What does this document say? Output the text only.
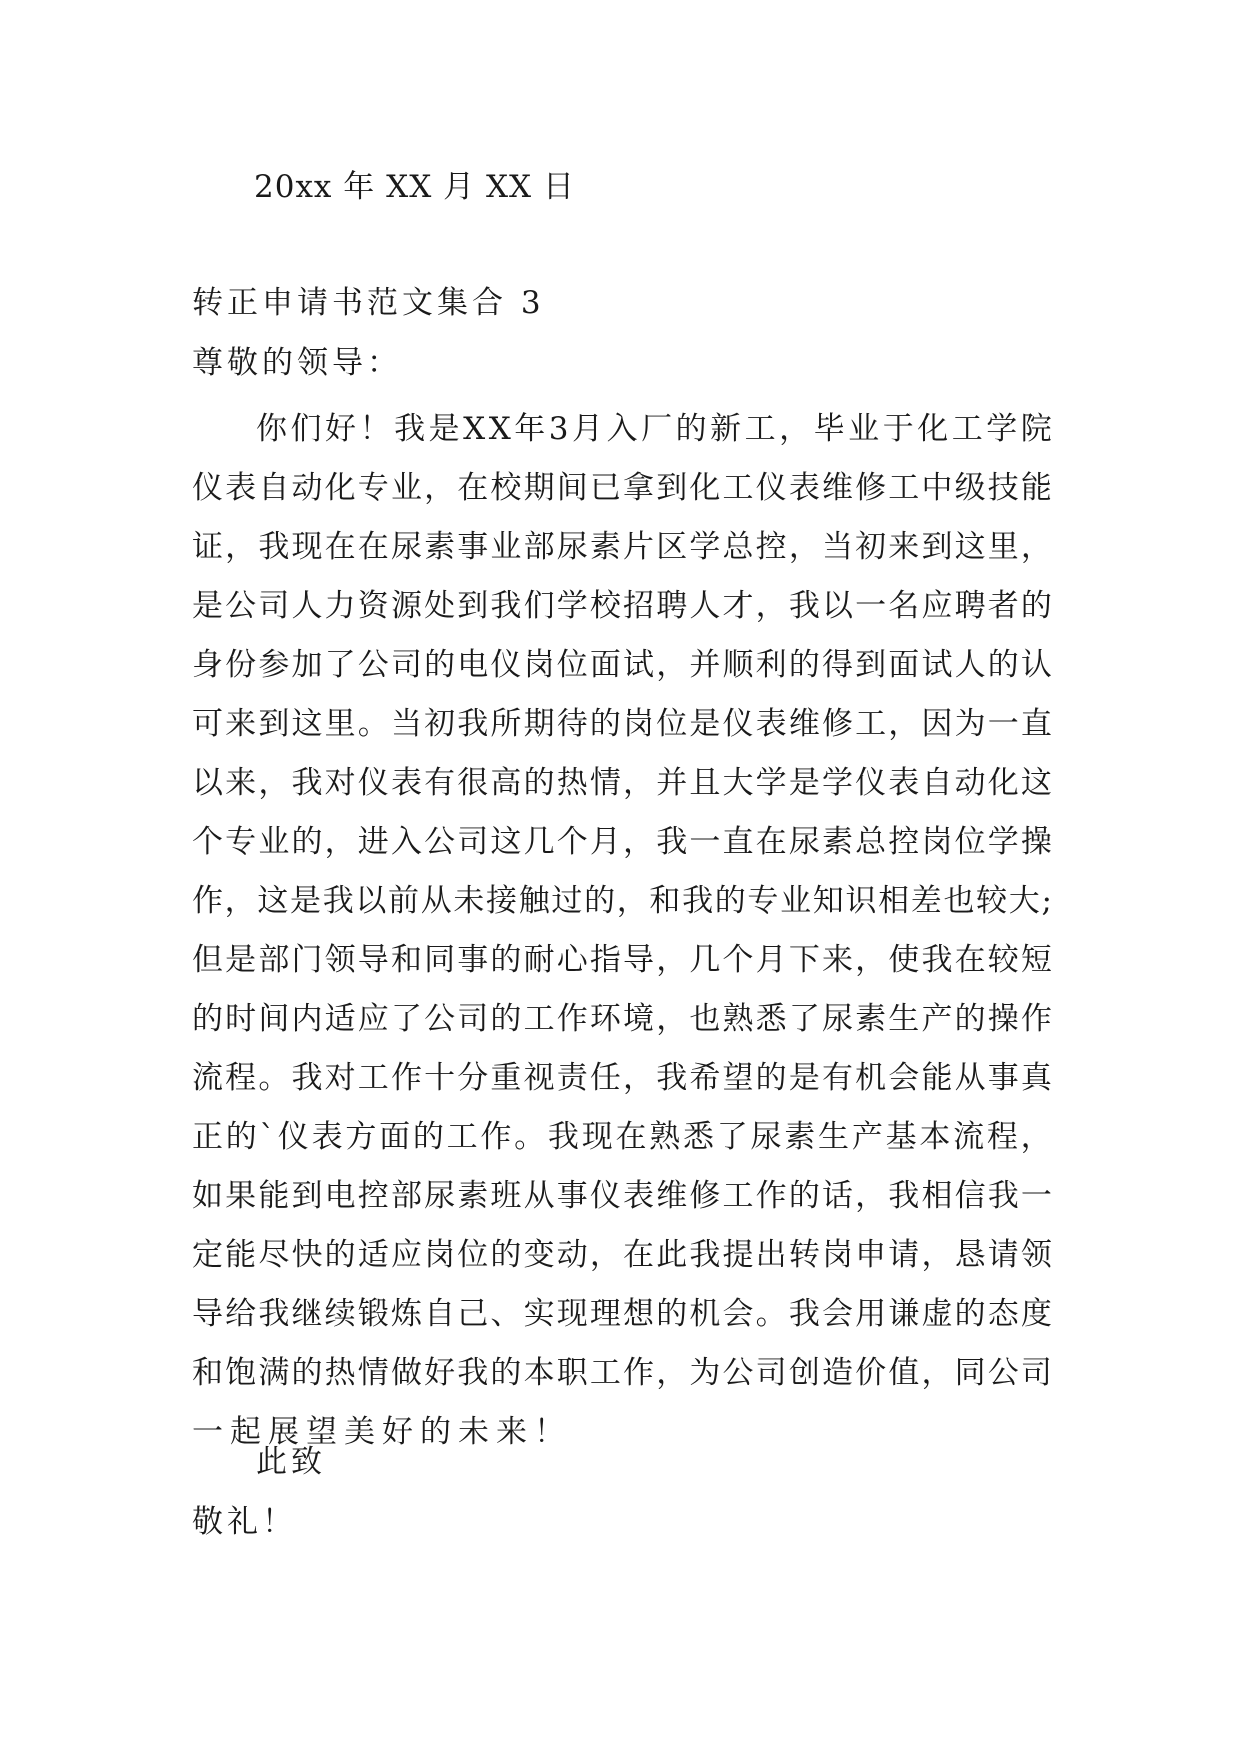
20xx 年 XX 月 XX 日
转正申请书范文集合 3
尊敬的领导：
你 们 好 ！ 我 是 X X 年 3 月 入 厂 的 新 工 ， 毕 业 于 化 工 学 院
仪 表 自 动 化 专 业 ， 在 校 期 间 已 拿 到 化 工 仪 表 维 修 工 中 级 技 能
证 ， 我 现 在 在 尿 素 事 业 部 尿 素 片 区 学 总 控 ， 当 初 来 到 这 里 ，
是 公 司 人 力 资 源 处 到 我 们 学 校 招 聘 人 才 ， 我 以 一 名 应 聘 者 的
身 份 参 加 了 公 司 的 电 仪 岗 位 面 试 ， 并 顺 利 的 得 到 面 试 人 的 认
可 来 到 这 里 。 当 初 我 所 期 待 的 岗 位 是 仪 表 维 修 工 ， 因 为 一 直
以 来 ， 我 对 仪 表 有 很 高 的 热 情 ， 并 且 大 学 是 学 仪 表 自 动 化 这
个 专 业 的 ， 进 入 公 司 这 几 个 月 ， 我 一 直 在 尿 素 总 控 岗 位 学 操
作 ， 这 是 我 以 前 从 未 接 触 过 的 ， 和 我 的 专 业 知 识 相 差 也 较 大 ;
但 是 部 门 领 导 和 同 事 的 耐 心 指 导 ， 几 个 月 下 来 ， 使 我 在 较 短
的 时 间 内 适 应 了 公 司 的 工 作 环 境 ， 也 熟 悉 了 尿 素 生 产 的 操 作
流 程 。 我 对 工 作 十 分 重 视 责 任 ， 我 希 望 的 是 有 机 会 能 从 事 真
正 的 ` 仪 表 方 面 的 工 作 。 我 现 在 熟 悉 了 尿 素 生 产 基 本 流 程 ，
如 果 能 到 电 控 部 尿 素 班 从 事 仪 表 维 修 工 作 的 话 ， 我 相 信 我 一
定 能 尽 快 的 适 应 岗 位 的 变 动 ， 在 此 我 提 出 转 岗 申 请 ， 恳 请 领
导 给 我 继 续 锻 炼 自 己 、 实 现 理 想 的 机 会 。 我 会 用 谦 虚 的 态 度
和 饱 满 的 热 情 做 好 我 的 本 职 工 作 ， 为 公 司 创 造 价 值 ， 同 公 司
一起展望美好的未来！
此致
敬礼！
